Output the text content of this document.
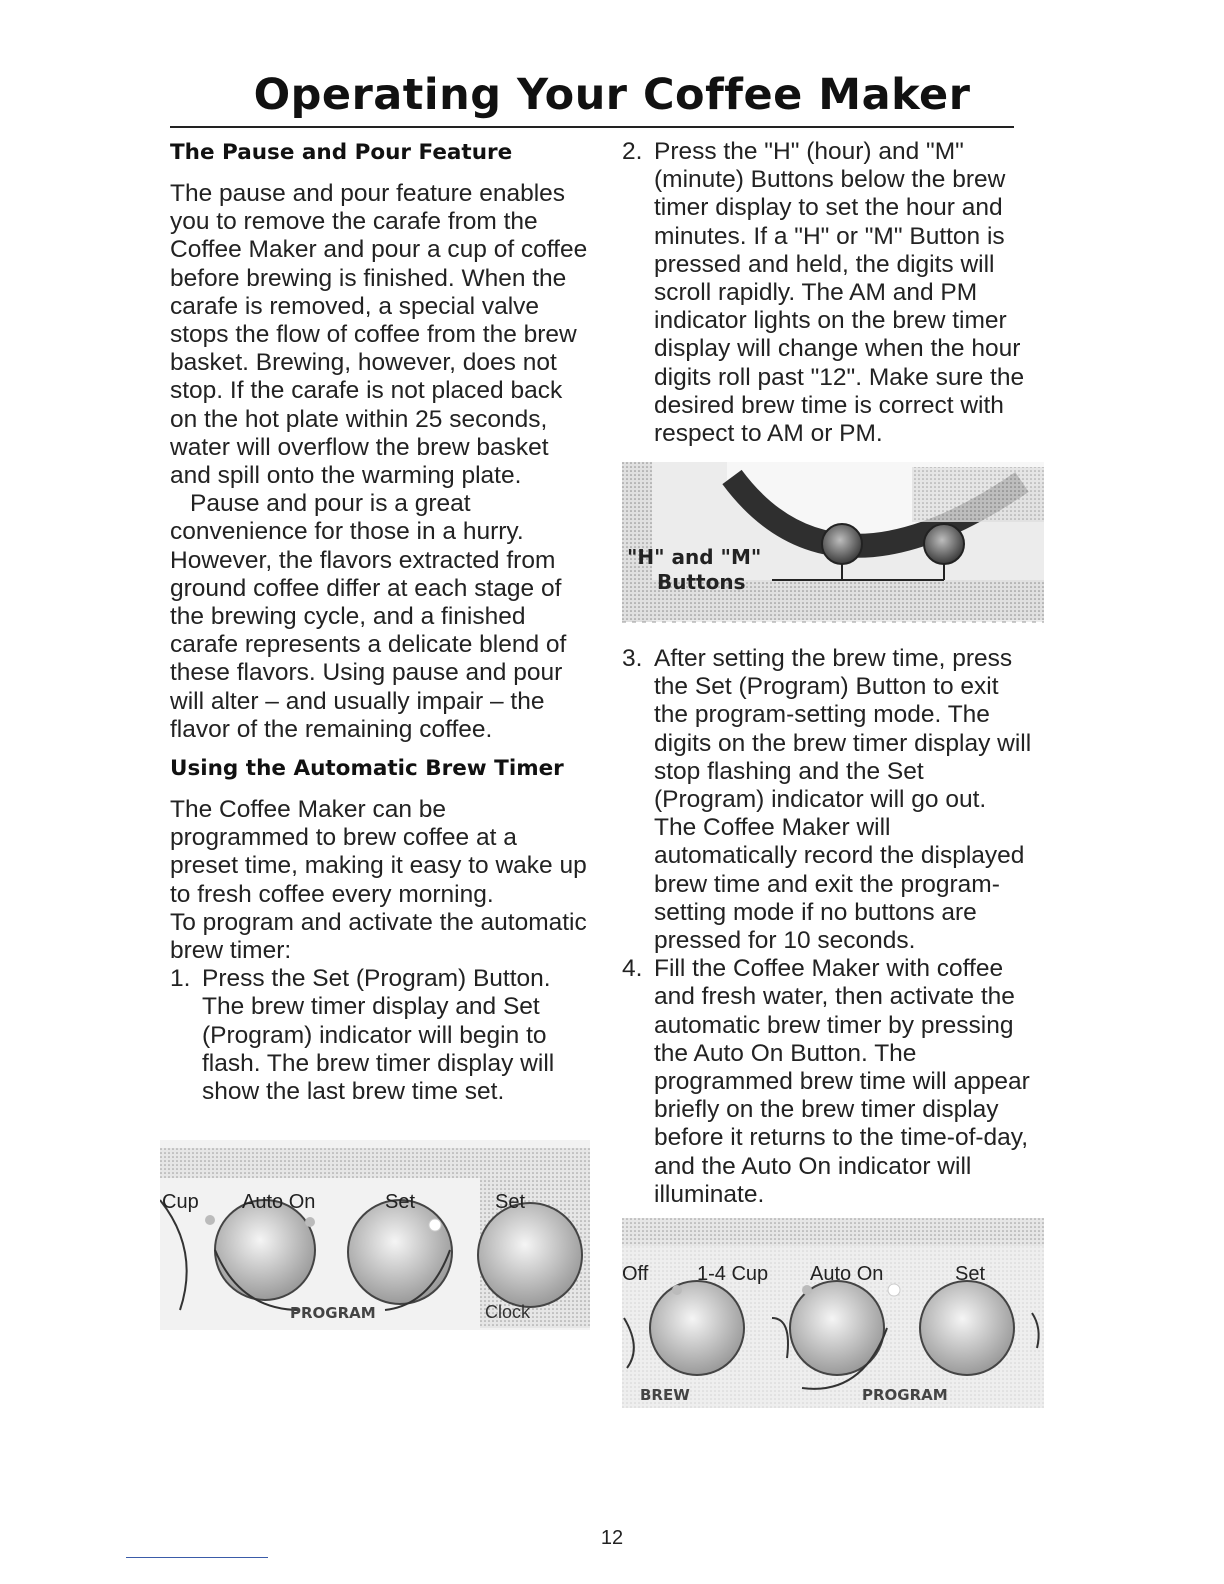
Operating Your Coffee Maker
The Pause and Pour Feature

The pause and pour feature enables you to remove the carafe from the Coffee Maker and pour a cup of coffee before brewing is finished. When the carafe is removed, a special valve stops the flow of coffee from the brew basket. Brewing, however, does not stop. If the carafe is not placed back on the hot plate within 25 seconds, water will overflow the brew basket and spill onto the warming plate.

Pause and pour is a great convenience for those in a hurry. However, the flavors extracted from ground coffee differ at each stage of the brewing cycle, and a finished carafe represents a delicate blend of these flavors. Using pause and pour will alter – and usually impair – the flavor of the remaining coffee.

Using the Automatic Brew Timer

The Coffee Maker can be programmed to brew coffee at a preset time, making it easy to wake up to fresh coffee every morning.

To program and activate the automatic brew timer:

1. Press the Set (Program) Button. The brew timer display and Set (Program) indicator will begin to flash. The brew timer display will show the last brew time set.
2. Press the "H" (hour) and "M" (minute) Buttons below the brew timer display to set the hour and minutes. If a "H" or "M" Button is pressed and held, the digits will scroll rapidly. The AM and PM indicator lights on the brew timer display will change when the hour digits roll past "12". Make sure the desired brew time is correct with respect to AM or PM.
3. After setting the brew time, press the Set (Program) Button to exit the program-setting mode. The digits on the brew timer display will stop flashing and the Set (Program) indicator will go out. The Coffee Maker will automatically record the displayed brew time and exit the program-setting mode if no buttons are pressed for 10 seconds.
4. Fill the Coffee Maker with coffee and fresh water, then activate the automatic brew timer by pressing the Auto On Button. The programmed brew time will appear briefly on the brew timer display before it returns to the time-of-day, and the Auto On indicator will illuminate.
Cup Auto On	Set	Set
PROGRAM	Clock
"H" and "M"
Buttons
Off 1-4 Cup Auto On	Set
BREW	PROGRAM
12
